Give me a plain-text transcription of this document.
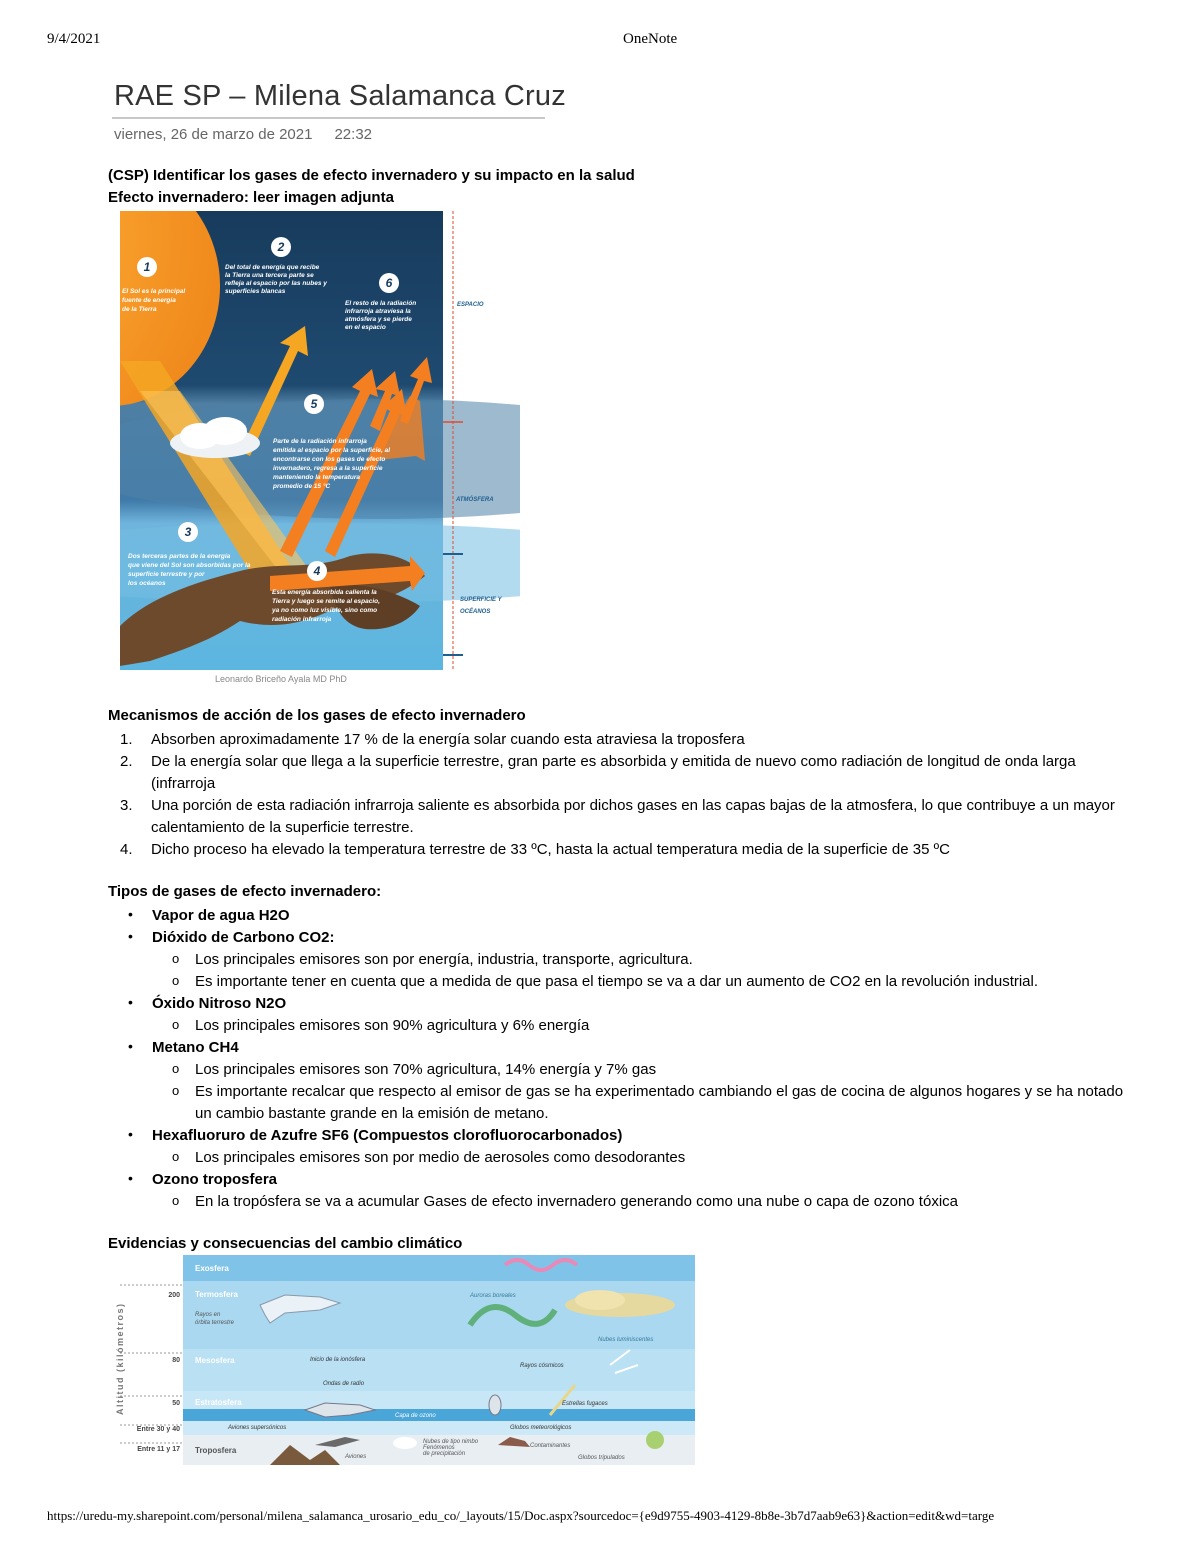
9/4/2021	OneNote
RAE SP – Milena Salamanca Cruz
viernes, 26 de marzo de 2021 22:32
(CSP) Identificar los gases de efecto invernadero y su impacto en la salud
Efecto invernadero: leer imagen adjunta
1
2
6
5
3
4
El Sol es la principal
fuente de energía
de la Tierra
Del total de energía que recibe
la Tierra una tercera parte se
refleja al espacio por las nubes y
superficies blancas
El resto de la radiación
infrarroja atraviesa la
atmósfera y se pierde
en el espacio
Parte de la radiación infrarroja
emitida al espacio por la superficie, al
encontrarse con los gases de efecto
invernadero, regresa a la superficie
manteniendo la temperatura
promedio de 15 °C
Dos terceras partes de la energía
que viene del Sol son absorbidas por la
superficie terrestre y por
los océanos
Esta energía absorbida calienta la
Tierra y luego se remite al espacio,
ya no como luz visible, sino como
radiación infrarroja
ESPACIO
ATMÓSFERA
SUPERFICIE Y
OCÉANOS
Leonardo Briceño Ayala MD PhD
Mecanismos de acción de los gases de efecto invernadero
1. Absorben aproximadamente 17 % de la energía solar cuando esta atraviesa la troposfera
2. De la energía solar que llega a la superficie terrestre, gran parte es absorbida y emitida de nuevo como radiación de longitud de onda larga (infrarroja
3. Una porción de esta radiación infrarroja saliente es absorbida por dichos gases en las capas bajas de la atmosfera, lo que contribuye a un mayor calentamiento de la superficie terrestre.
4. Dicho proceso ha elevado la temperatura terrestre de 33 ºC, hasta la actual temperatura media de la superficie de 35 ºC
Tipos de gases de efecto invernadero:
• Vapor de agua H2O
• Dióxido de Carbono CO2:
o Los principales emisores son por energía, industria, transporte, agricultura.
o Es importante tener en cuenta que a medida de que pasa el tiempo se va a dar un aumento de CO2 en la revolución industrial.
• Óxido Nitroso N2O
o Los principales emisores son 90% agricultura y 6% energía
• Metano CH4
o Los principales emisores son 70% agricultura, 14% energía y 7% gas
o Es importante recalcar que respecto al emisor de gas se ha experimentado cambiando el gas de cocina de algunos hogares y se ha notado un cambio bastante grande en la emisión de metano.
• Hexafluoruro de Azufre SF6 (Compuestos clorofluorocarbonados)
o Los principales emisores son por medio de aerosoles como desodorantes
• Ozono troposfera
o En la tropósfera se va a acumular Gases de efecto invernadero generando como una nube o capa de ozono tóxica
Evidencias y consecuencias del cambio climático
Altitud (kilómetros)
200
80
50
Entre 30 y 40
Entre 11 y 17
Exosfera
Termosfera
Mesosfera
Estratosfera
Troposfera
Rayos en
órbita terrestre
Auroras boreales
Nubes luminiscentes
Inicio de la ionósfera
Ondas de radio
Rayos cósmicos
Estrellas fugaces
Aviones supersónicos
Capa de ozono
Globos meteorológicos
Aviones
Nubes de tipo nimbo
Fenómenos
de precipitación
Contaminantes
Globos tripulados
https://uredu-my.sharepoint.com/personal/milena_salamanca_urosario_edu_co/_layouts/15/Doc.aspx?sourcedoc={e9d9755-4903-4129-8b8e-3b7d7aab9e63}&action=edit&wd=targe
